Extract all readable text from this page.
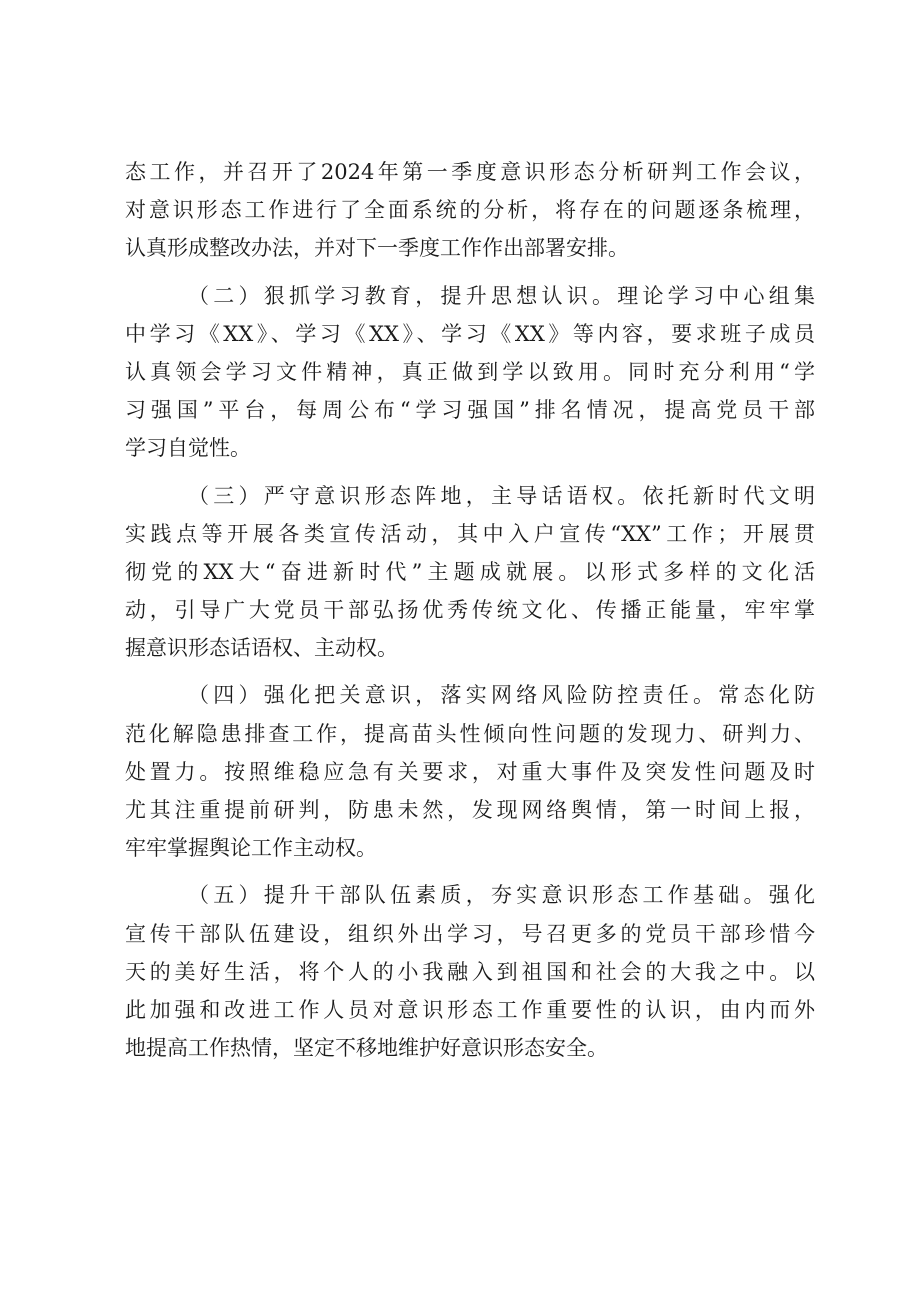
态工作，并召开了2024年第一季度意识形态分析研判工作会议，
对意识形态工作进行了全面系统的分析，将存在的问题逐条梳理，
认真形成整改办法，并对下一季度工作作出部署安排。
（二）狠抓学习教育，提升思想认识。理论学习中心组集
中学习《XX》、学习《XX》、学习《XX》等内容，要求班子成员
认真领会学习文件精神，真正做到学以致用。同时充分利用“学
习强国”平台，每周公布“学习强国”排名情况，提高党员干部
学习自觉性。
（三）严守意识形态阵地，主导话语权。依托新时代文明
实践点等开展各类宣传活动，其中入户宣传“XX”工作；开展贯
彻党的XX大“奋进新时代”主题成就展。以形式多样的文化活
动，引导广大党员干部弘扬优秀传统文化、传播正能量，牢牢掌
握意识形态话语权、主动权。
（四）强化把关意识，落实网络风险防控责任。常态化防
范化解隐患排查工作，提高苗头性倾向性问题的发现力、研判力、
处置力。按照维稳应急有关要求，对重大事件及突发性问题及时
尤其注重提前研判，防患未然，发现网络舆情，第一时间上报，
牢牢掌握舆论工作主动权。
（五）提升干部队伍素质，夯实意识形态工作基础。强化
宣传干部队伍建设，组织外出学习，号召更多的党员干部珍惜今
天的美好生活，将个人的小我融入到祖国和社会的大我之中。以
此加强和改进工作人员对意识形态工作重要性的认识，由内而外
地提高工作热情，坚定不移地维护好意识形态安全。
